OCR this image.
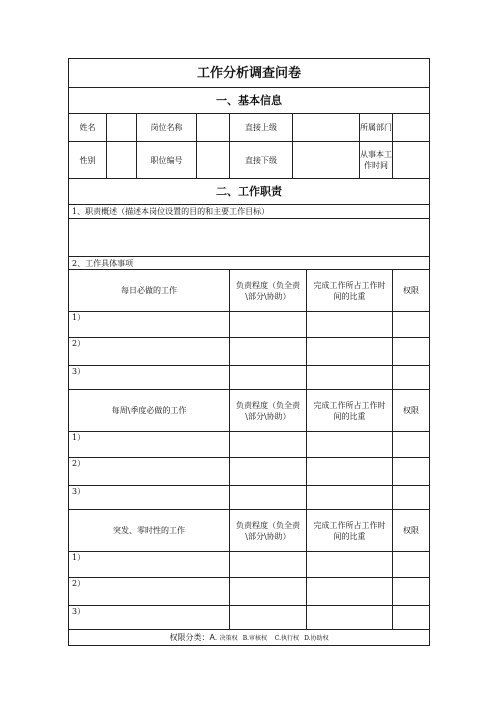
工作分析调查问卷								
一、基本信息								
姓名		岗位名称		直接上级			所属部门	
性别		职位编号		直接下级			从事本工作时间	
二、工作职责								
1、职责概述（描述本岗位设置的目的和主要工作目标）								

2、工作具体事项								
每日必做的工作				负责程度（负全责\部分\协助）		完成工作所占工作时间的比重		权限
1）								
2）								
3）								
每周\季度必做的工作				负责程度（负全责\部分\协助）		完成工作所占工作时间的比重		权限
1）								
2）								
3）								
突发、零时性的工作				负责程度（负全责\部分\协助）		完成工作所占工作时间的比重		权限
1）								
2）								
3）								
权限分类：A. 决策权 B.审核权 C.执行权 D.协助权								
